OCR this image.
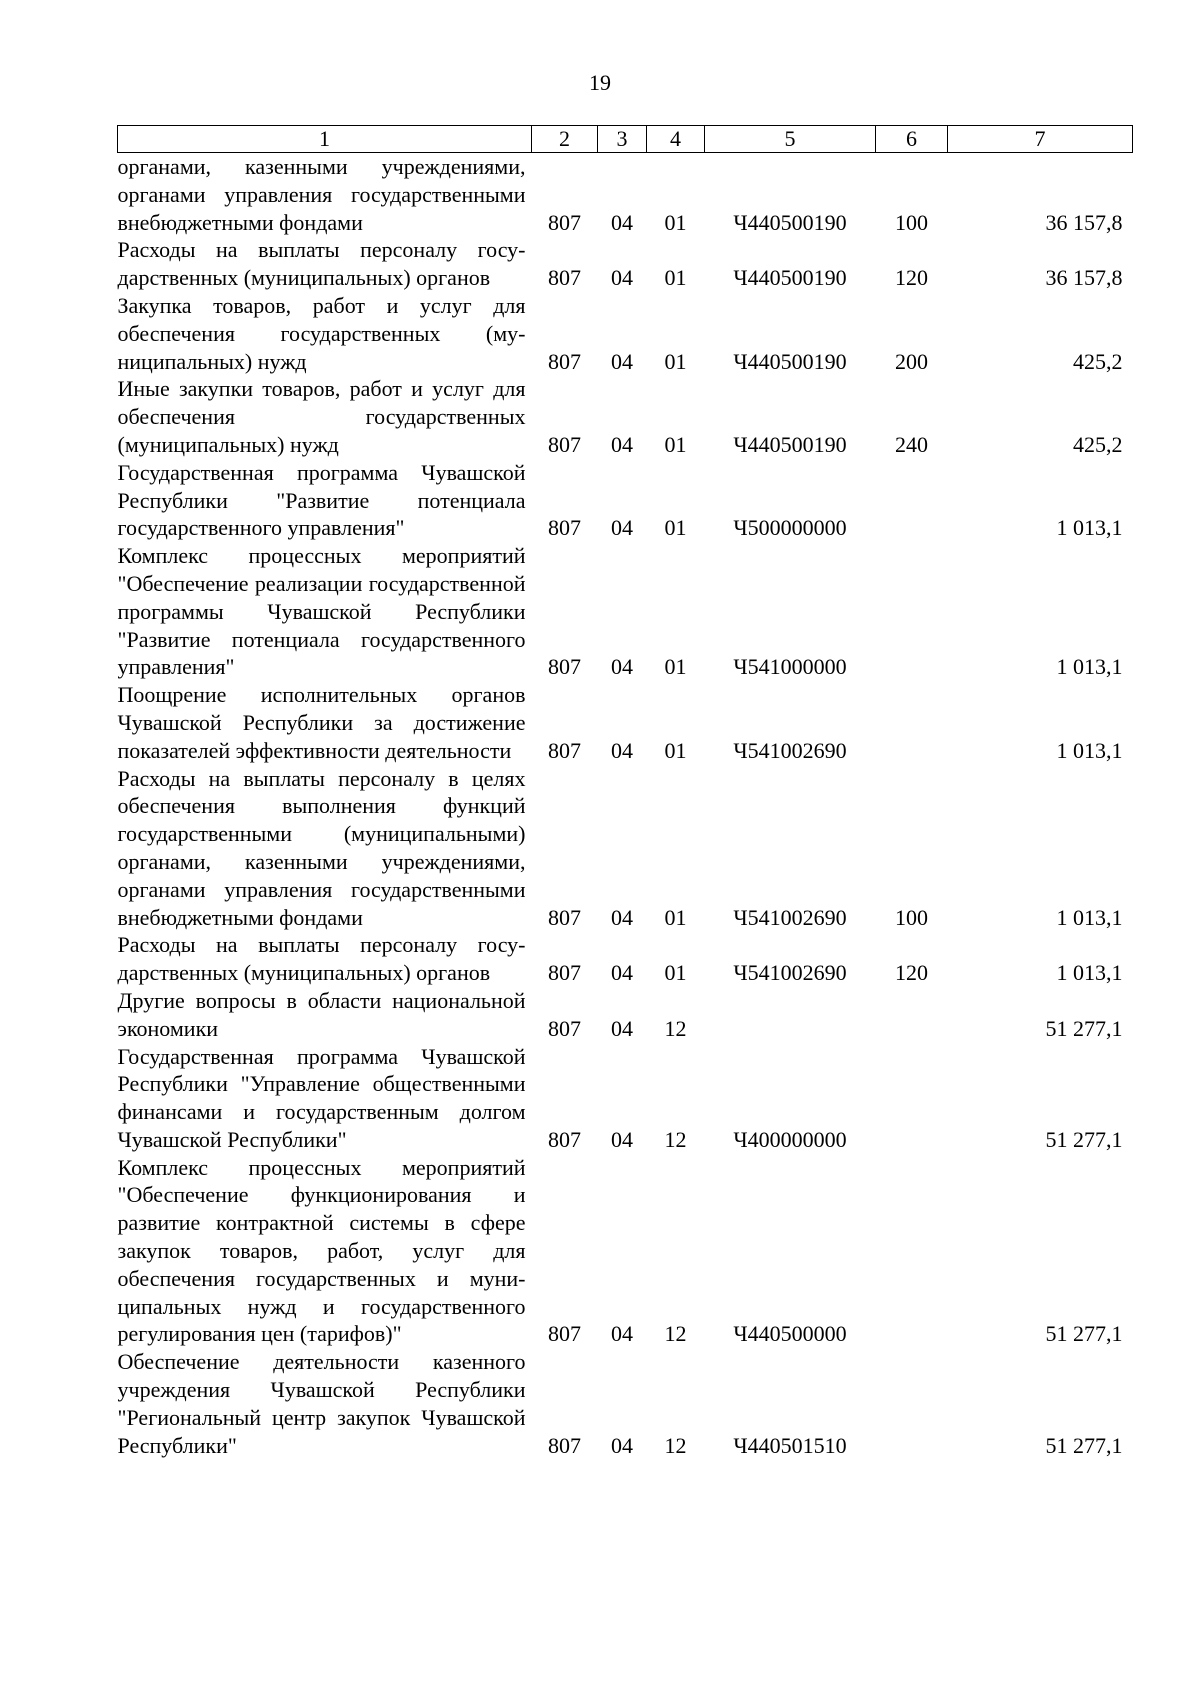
19
1	2	3	4	5	6	7
органами, казенными учреждениями, органами управления государственными внебюджетными фондами	807	04	01	Ч440500190	100	36 157,8
Расходы на выплаты персоналу государственных (муниципальных) органов	807	04	01	Ч440500190	120	36 157,8
Закупка товаров, работ и услуг для обеспечения государственных (муниципальных) нужд	807	04	01	Ч440500190	200	425,2
Иные закупки товаров, работ и услуг для обеспечения государственных (муниципальных) нужд	807	04	01	Ч440500190	240	425,2
Государственная программа Чувашской Республики "Развитие потенциала государственного управления"	807	04	01	Ч500000000		1 013,1
Комплекс процессных мероприятий "Обеспечение реализации государственной программы Чувашской Республики "Развитие потенциала государственного управления"	807	04	01	Ч541000000		1 013,1
Поощрение исполнительных органов Чувашской Республики за достижение показателей эффективности деятельности	807	04	01	Ч541002690		1 013,1
Расходы на выплаты персоналу в целях обеспечения выполнения функций государственными (муниципальными) органами, казенными учреждениями, органами управления государственными внебюджетными фондами	807	04	01	Ч541002690	100	1 013,1
Расходы на выплаты персоналу государственных (муниципальных) органов	807	04	01	Ч541002690	120	1 013,1
Другие вопросы в области национальной экономики	807	04	12			51 277,1
Государственная программа Чувашской Республики "Управление общественными финансами и государственным долгом Чувашской Республики"	807	04	12	Ч400000000		51 277,1
Комплекс процессных мероприятий "Обеспечение функционирования и развитие контрактной системы в сфере закупок товаров, работ, услуг для обеспечения государственных и муниципальных нужд и государственного регулирования цен (тарифов)"	807	04	12	Ч440500000		51 277,1
Обеспечение деятельности казенного учреждения Чувашской Республики "Региональный центр закупок Чувашской Республики"	807	04	12	Ч440501510		51 277,1
